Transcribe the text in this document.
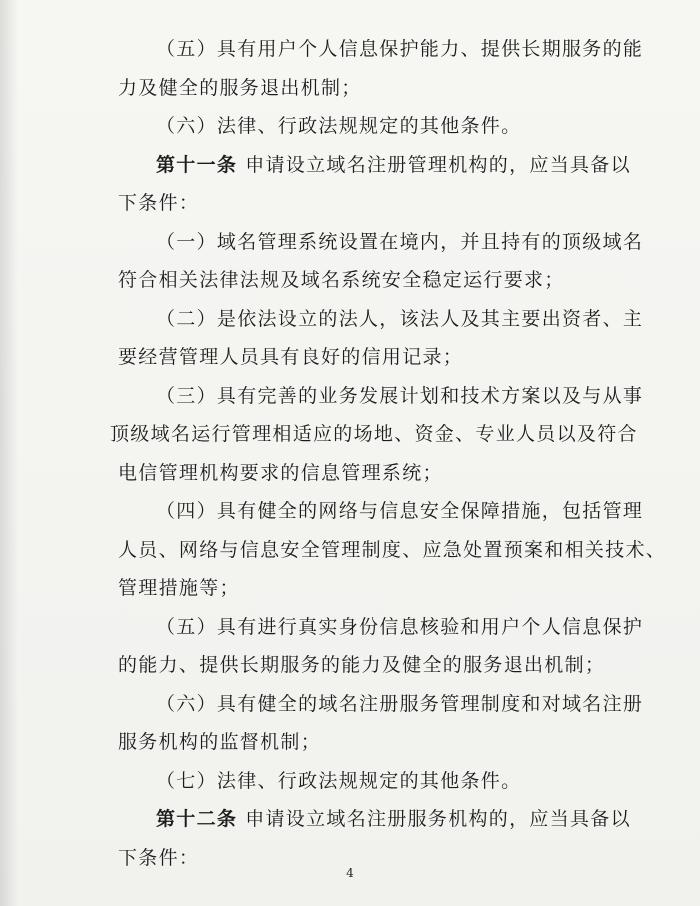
（五）具有用户个人信息保护能力、提供长期服务的能
力及健全的服务退出机制；
（六）法律、行政法规规定的其他条件。
第十一条 申请设立域名注册管理机构的，应当具备以
下条件：
（一）域名管理系统设置在境内，并且持有的顶级域名
符合相关法律法规及域名系统安全稳定运行要求；
（二）是依法设立的法人，该法人及其主要出资者、主
要经营管理人员具有良好的信用记录；
（三）具有完善的业务发展计划和技术方案以及与从事
顶级域名运行管理相适应的场地、资金、专业人员以及符合
电信管理机构要求的信息管理系统；
（四）具有健全的网络与信息安全保障措施，包括管理
人员、网络与信息安全管理制度、应急处置预案和相关技术、
管理措施等；
（五）具有进行真实身份信息核验和用户个人信息保护
的能力、提供长期服务的能力及健全的服务退出机制；
（六）具有健全的域名注册服务管理制度和对域名注册
服务机构的监督机制；
（七）法律、行政法规规定的其他条件。
第十二条 申请设立域名注册服务机构的，应当具备以
下条件：
4
